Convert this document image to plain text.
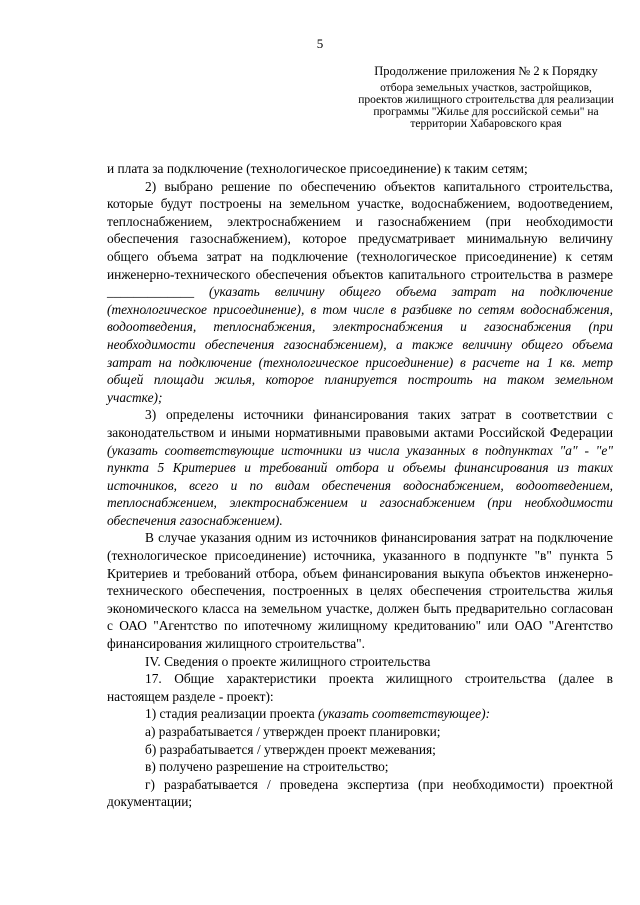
5

Продолжение приложения № 2 к Порядку

отбора земельных участков, застройщиков, проектов жилищного строительства для реализации программы "Жилье для российской семьи" на территории Хабаровского края

и плата за подключение (технологическое присоединение) к таким сетям;

2) выбрано решение по обеспечению объектов капитального строительства, которые будут построены на земельном участке, водоснабжением, водоотведением, теплоснабжением, электроснабжением и газоснабжением (при необходимости обеспечения газоснабжением), которое предусматривает минимальную величину общего объема затрат на подключение (технологическое присоединение) к сетям инженерно-технического обеспечения объектов капитального строительства в размере _____________ (указать величину общего объема затрат на подключение (технологическое присоединение), в том числе в разбивке по сетям водоснабжения, водоотведения, теплоснабжения, электроснабжения и газоснабжения (при необходимости обеспечения газоснабжением), а также величину общего объема затрат на подключение (технологическое присоединение) в расчете на 1 кв. метр общей площади жилья, которое планируется построить на таком земельном участке);

3) определены источники финансирования таких затрат в соответствии с законодательством и иными нормативными правовыми актами Российской Федерации (указать соответствующие источники из числа указанных в подпунктах "а" - "е" пункта 5 Критериев и требований отбора и объемы финансирования из таких источников, всего и по видам обеспечения водоснабжением, водоотведением, теплоснабжением, электроснабжением и газоснабжением (при необходимости обеспечения газоснабжением).

В случае указания одним из источников финансирования затрат на подключение (технологическое присоединение) источника, указанного в подпункте "в" пункта 5 Критериев и требований отбора, объем финансирования выкупа объектов инженерно-технического обеспечения, построенных в целях обеспечения строительства жилья экономического класса на земельном участке, должен быть предварительно согласован с ОАО "Агентство по ипотечному жилищному кредитованию" или ОАО "Агентство финансирования жилищного строительства".

IV. Сведения о проекте жилищного строительства

17. Общие характеристики проекта жилищного строительства (далее в настоящем разделе - проект):

1) стадия реализации проекта (указать соответствующее):

а) разрабатывается / утвержден проект планировки;

б) разрабатывается / утвержден проект межевания;

в) получено разрешение на строительство;

г) разрабатывается / проведена экспертиза (при необходимости) проектной документации;
